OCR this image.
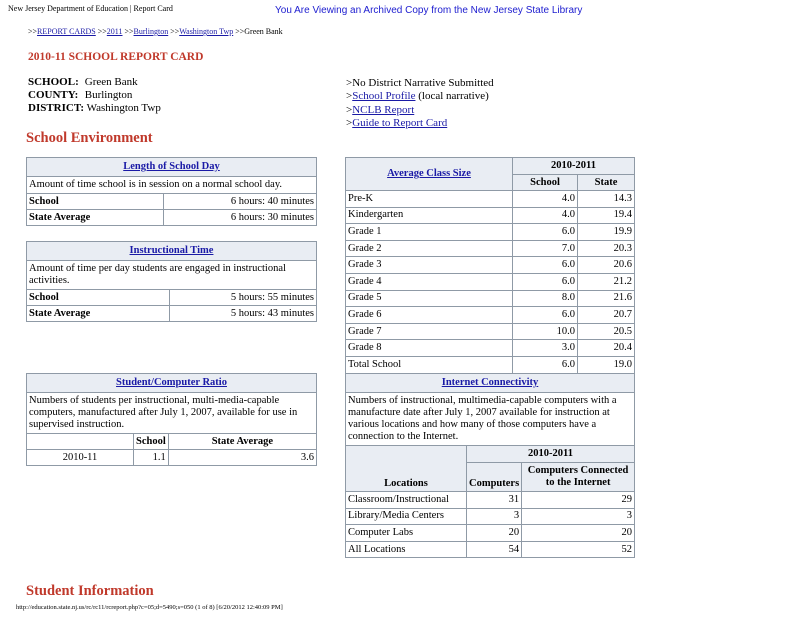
New Jersey Department of Education | Report Card	You Are Viewing an Archived Copy from the New Jersey State Library
>>REPORT CARDS >>2011 >>Burlington >>Washington Twp >>Green Bank
2010-11 SCHOOL REPORT CARD
SCHOOL: Green Bank
COUNTY: Burlington
DISTRICT: Washington Twp
>No District Narrative Submitted
>School Profile (local narrative)
>NCLB Report
>Guide to Report Card
School Environment
Length of School Day	
Amount of time school is in session on a normal school day.	
School	6 hours: 40 minutes
State Average	6 hours: 30 minutes
Instructional Time	
Amount of time per day students are engaged in instructional activities.	
School	5 hours: 55 minutes
State Average	5 hours: 43 minutes
Average Class Size	2010-2011	
	School	State
Pre-K	4.0	14.3
Kindergarten	4.0	19.4
Grade 1	6.0	19.9
Grade 2	7.0	20.3
Grade 3	6.0	20.6
Grade 4	6.0	21.2
Grade 5	8.0	21.6
Grade 6	6.0	20.7
Grade 7	10.0	20.5
Grade 8	3.0	20.4
Total School	6.0	19.0
Student/Computer Ratio		
Numbers of students per instructional, multi-media-capable computers, manufactured after July 1, 2007, available for use in supervised instruction.		
	School	State Average
2010-11	1.1	3.6
Internet Connectivity		
Numbers of instructional, multimedia-capable computers with a manufacture date after July 1, 2007 available for instruction at various locations and how many of those computers have a connection to the Internet.		
Locations	2010-2011	
	Computers	Computers Connected to the Internet
Classroom/Instructional	31	29
Library/Media Centers	3	3
Computer Labs	20	20
All Locations	54	52
Student Information
http://education.state.nj.us/rc/rc11/rcreport.php?c=05;d=5490;s=050 (1 of 8) [6/20/2012 12:40:09 PM]
